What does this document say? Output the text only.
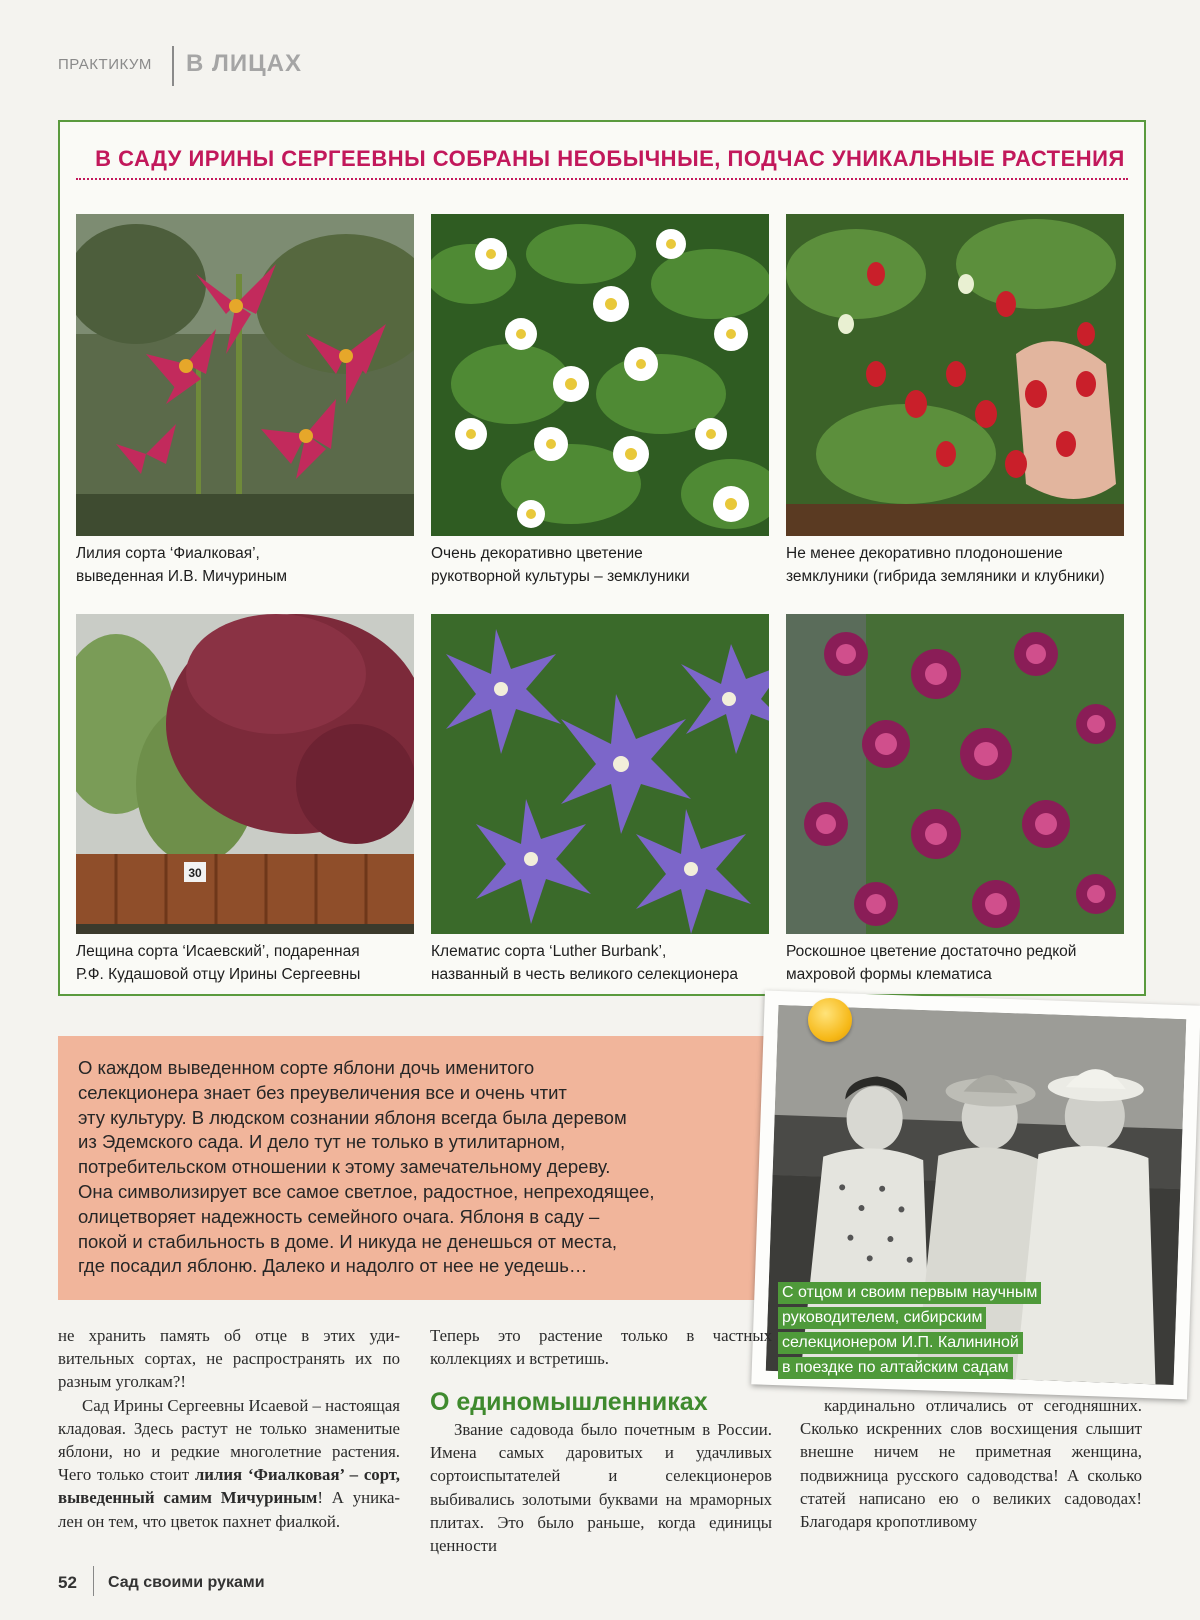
ПРАКТИКУМ В ЛИЦАХ
В САДУ ИРИНЫ СЕРГЕЕВНЫ СОБРАНЫ НЕОБЫЧНЫЕ, ПОДЧАС УНИКАЛЬНЫЕ РАСТЕНИЯ
Лилия сорта ‘Фиалковая’,
выведенная И.В. Мичуриным
Очень декоративно цветение
рукотворной культуры – земклуники
Не менее декоративно плодоношение
земклуники (гибрида земляники и клубники)
30
Лещина сорта ‘Исаевский’, подаренная
Р.Ф. Кудашовой отцу Ирины Сергеевны
Клематис сорта ‘Luther Burbank’,
названный в честь великого селекционера
Роскошное цветение достаточно редкой
махровой формы клематиса

О каждом выведенном сорте яблони дочь именитого

селекционера знает без преувеличения все и очень чтит

эту культуру. В людском сознании яблоня всегда была деревом

из Эдемского сада. И дело тут не только в утилитарном,

потребительском отношении к этому замечательному дереву.

Она символизирует все самое светлое, радостное, непреходящее,

олицетворяет надежность семейного очага. Яблоня в саду –

покой и стабильность в доме. И никуда не денешься от места,

где посадил яблоню. Далеко и надолго от нее не уедешь…

С отцом и своим первым научным
руководителем, сибирским
селекционером И.П. Калининой
в поездке по алтайским садам

не хранить память об отце в этих удивительных сортах, не распространять их по разным уголкам?!

Сад Ирины Сергеевны Исаевой – настоящая кладовая. Здесь растут не только знаменитые яблони, но и редкие многолетние растения. Чего только стоит лилия ‘Фиалковая’ – сорт, выведенный самим Мичуриным! А уникален он тем, что цветок пахнет фиалкой.

Теперь это растение только в частных коллекциях и встретишь.

О единомышленниках

Звание садовода было почетным в России. Имена самых даровитых и удачливых сортоиспытателей и селекционеров выбивались золотыми буквами на мраморных плитах. Это было раньше, когда единицы ценности

кардинально отличались от сегодняшних. Сколько искренних слов восхищения слышит внешне ничем не приметная женщина, подвижница русского садоводства! А сколько статей написано ею о великих садоводах! Благодаря кропотливому

52 Сад своими руками
